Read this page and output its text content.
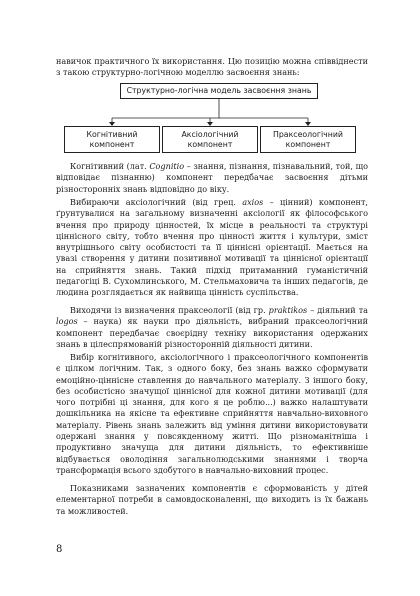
навичок практичного їх використання. Цю позицію можна співвіднести з такою структурно-логічною моделлю засвоєння знань:

Структурно-логічна модель засвоєння знань
Когнітивний компонент
Аксіологічний компонент
Праксеологічний компонент

Когнітивний (лат. Cognitio – знання, пізнання, пізнавальний, той, що відповідає пізнанню) компонент передбачає засвоєння дітьми різностороннix знань відповідно до віку.

Вибираючи аксіологічний (від грец. axios – цінний) компонент, ґрунтувалися на загальному визначенні аксіології як філософського вчення про природу цінностей, їх місце в реальності та структурі ціннісного світу, тобто вчення про цінності життя і культури, зміст внутрішнього світу особистості та її ціннісні орієнтації. Мається на увазі створення у дитини позитивної мотивації та ціннісної орієнтації на сприйняття знань. Такий підхід притаманний гуманістичній педагогіці В. Сухомлинського, М. Стельмаховича та інших педагогів, де людина розглядається як найвища цінність суспільства.

Виходячи із визначення праксеології (від гр. praktikos – діяльний та logos – наука) як науки про діяльність, вибраний праксеологічний компонент передбачає своєрідну техніку використання одержаних знань в цілеспрямованій різносторонній діяльності дитини.

Вибір когнітивного, аксіологічного і праксеологічного компонентів є цілком логічним. Так, з одного боку, без знань важко сформувати емоційно-ціннісне ставлення до навчального матеріалу. З іншого боку, без особистісно значущої ціннісної для кожної дитини мотивації (для чого потрібні ці знання, для кого я це роблю...) важко налаштувати дошкільника на якісне та ефективне сприйняття навчально-виховного матеріалу. Рівень знань залежить від уміння дитини використовувати одержані знання у повсякденному житті. Що різноманітніша і продуктивно значуща для дитини діяльність, то ефективніше відбувається оволодіння загальнолюдськими знаннями і творча трансформація всього здобутого в навчально-виховний процес.

Показниками зазначених компонентів є сформованість у дітей елементарної потреби в самовдосконаленні, що виходить із їх бажань та можливостей.

8
